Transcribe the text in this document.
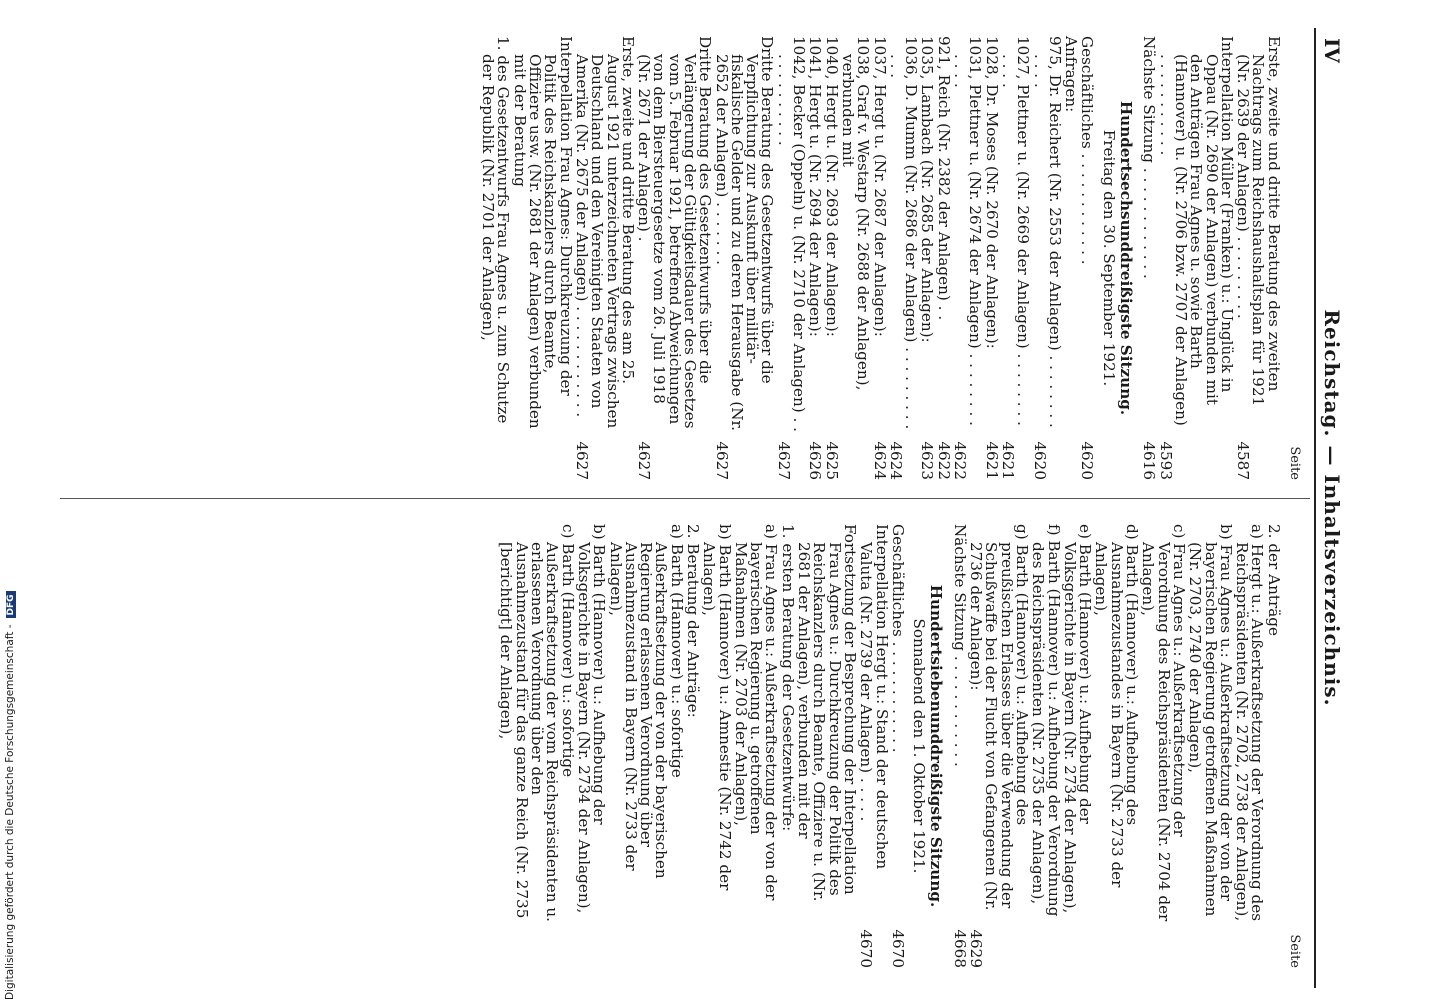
IV
Reichstag. — Inhaltsverzeichnis.
Seite
Erste, zweite und dritte Beratung des zweiten Nachtrags zum Reichshaushaltsplan für 1921 (Nr. 2639 der Anlagen) . . . . . . . . .
4587
Interpellation Müller (Franken) u.: Unglück in Oppau (Nr. 2690 der Anlagen) verbunden mit den Anträgen Frau Agnes u. sowie Barth (Hannover) u. (Nr. 2706 bzw. 2707 der Anlagen) . . . . . . . . . . .
4593
Nächste Sitzung . . . . . . . . . . . .
4616
Hundertsechsunddreißigste Sitzung.
Freitag den 30. September 1921.
Geschäftliches . . . . . . . . . . . .
4620
Anfragen:
975, Dr. Reichert (Nr. 2553 der Anlagen) . . . . . . . . . . . .
4620
1027, Plettner u. (Nr. 2669 der Anlagen) . . . . . . . . . . . .
4621
1028, Dr. Moses (Nr. 2670 der Anlagen):
4621
1031, Plettner u. (Nr. 2674 der Anlagen) . . . . . . . . . . . .
4622
921, Reich (Nr. 2382 der Anlagen) . .
4622
1035, Lambach (Nr. 2685 der Anlagen):
4623
1036, D. Mumm (Nr. 2686 der Anlagen) . . . . . . . . . . . .
4624
1037, Hergt u. (Nr. 2687 der Anlagen):
4624
1038, Graf v. Westarp (Nr. 2688 der Anlagen), verbunden mit
1040, Hergt u. (Nr. 2693 der Anlagen):
4625
1041, Hergt u. (Nr. 2694 der Anlagen):
4626
1042, Becker (Oppeln) u. (Nr. 2710 der Anlagen) . . . . . . . . . . . .
4627
Dritte Beratung des Gesetzentwurfs über die Verpflichtung zur Auskunft über militär-fiskalische Gelder und zu deren Herausgabe (Nr. 2652 der Anlagen) . . . . . . .
4627
Dritte Beratung des Gesetzentwurfs über die Verlängerung der Gültigkeitsdauer des Gesetzes vom 5. Februar 1921, betreffend Abweichungen von dem Biersteuergesetze vom 26. Juli 1918 (Nr. 2671 der Anlagen) .
4627
Erste, zweite und dritte Beratung des am 25. August 1921 unterzeichneten Vertrags zwischen Deutschland und den Vereinigten Staaten von Amerika (Nr. 2675 der Anlagen) . . . . . . . . . . . .
4627
Interpellation Frau Agnes: Durchkreuzung der Politik des Reichskanzlers durch Beamte, Offiziere usw. (Nr. 2681 der Anlagen) verbunden mit der Beratung
1. des Gesetzentwurfs Frau Agnes u. zum Schutze der Republik (Nr. 2701 der Anlagen),
Seite
2. der Anträge
a) Hergt u.: Außerkraftsetzung der Verordnung des Reichspräsidenten (Nr. 2702, 2738 der Anlagen),
b) Frau Agnes u.: Außerkraftsetzung der von der bayerischen Regierung getroffenen Maßnahmen (Nr. 2703, 2740 der Anlagen),
c) Frau Agnes u.: Außerkraftsetzung der Verordnung des Reichspräsidenten (Nr. 2704 der Anlagen),
d) Barth (Hannover) u.: Aufhebung des Ausnahmezustandes in Bayern (Nr. 2733 der Anlagen),
e) Barth (Hannover) u.: Aufhebung der Volksgerichte in Bayern (Nr. 2734 der Anlagen),
f) Barth (Hannover) u.: Aufhebung der Verordnung des Reichspräsidenten (Nr. 2735 der Anlagen),
g) Barth (Hannover) u.: Aufhebung des preußischen Erlasses über die Verwendung der Schußwaffe bei der Flucht von Gefangenen (Nr. 2736 der Anlagen):
4629
Nächste Sitzung . . . . . . . . . . . .
4668
Hundertsiebenunddreißigste Sitzung.
Sonnabend den 1. Oktober 1921.
Geschäftliches . . . . . . . . . . . .
4670
Interpellation Hergt u.: Stand der deutschen Valuta (Nr. 2739 der Anlagen) . . . . .
4670
Fortsetzung der Besprechung der Interpellation Frau Agnes u.: Durchkreuzung der Politik des Reichskanzlers durch Beamte, Offiziere u. (Nr. 2681 der Anlagen), verbunden mit der
1. ersten Beratung der Gesetzentwürfe:
a) Frau Agnes u.: Außerkraftsetzung der von der bayerischen Regierung u. getroffenen Maßnahmen (Nr. 2703 der Anlagen),
b) Barth (Hannover) u.: Amnestie (Nr. 2742 der Anlagen),
2. Beratung der Anträge:
a) Barth (Hannover) u.: sofortige Außerkraftsetzung der von der bayerischen Regierung erlassenen Verordnung über Ausnahmezustand in Bayern (Nr. 2733 der Anlagen),
b) Barth (Hannover) u.: Aufhebung der Volksgerichte in Bayern (Nr. 2734 der Anlagen),
c) Barth (Hannover) u.: sofortige Außerkraftsetzung der vom Reichspräsidenten u. erlassenen Verordnung über den Ausnahmezustand für das ganze Reich (Nr. 2735 [berichtigt] der Anlagen),
Digitalisierung gefördert durch die Deutsche Forschungsgemeinschaft -DFG
